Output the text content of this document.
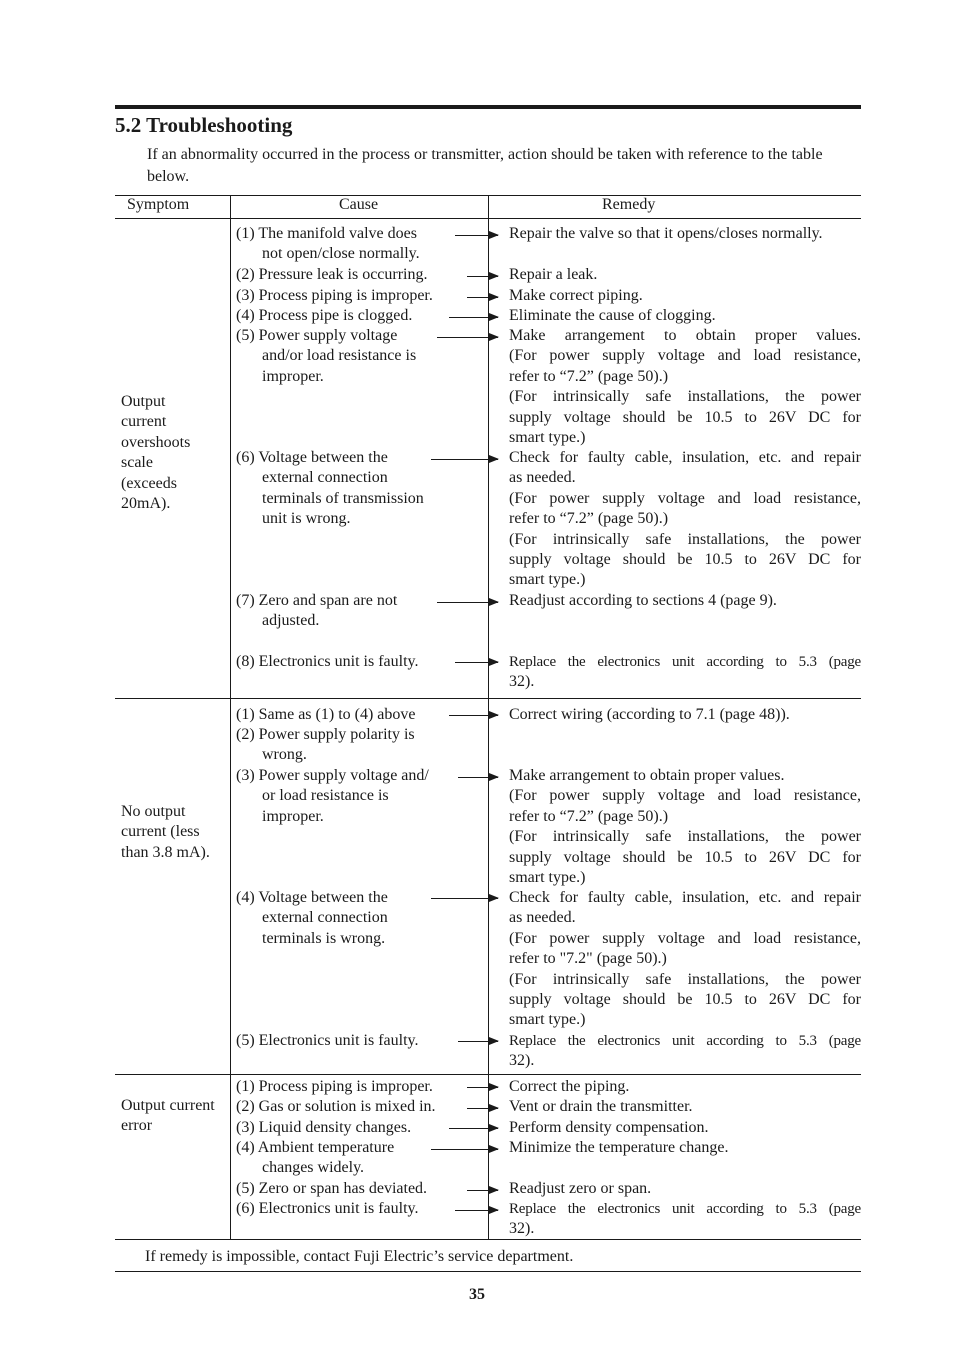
5.2 Troubleshooting

If an abnormality occurred in the process or transmitter, action should be taken with reference to the table below.

Symptom	Cause	Remedy
Output
current
overshoots
scale
(exceeds
20mA).
(1) The manifold valve does
not open/close normally.
(2) Pressure leak is occurring.
(3) Process piping is improper.
(4) Process pipe is clogged.
(5) Power supply voltage
and/or load resistance is
improper.
(6) Voltage between the
external connection
terminals of transmission
unit is wrong.
(7) Zero and span are not
adjusted.
(8) Electronics unit is faulty.
Repair the valve so that it opens/closes normally.
Repair a leak.
Make correct piping.
Eliminate the cause of clogging.
Make arrangement to obtain proper values.
(For power supply voltage and load resistance,
refer to “7.2” (page 50).)
(For intrinsically safe installations, the power
supply voltage should be 10.5 to 26V DC for
smart type.)
Check for faulty cable, insulation, etc. and repair
as needed.
(For power supply voltage and load resistance,
refer to “7.2” (page 50).)
(For intrinsically safe installations, the power
supply voltage should be 10.5 to 26V DC for
smart type.)
Readjust according to sections 4 (page 9).
Replace the electronics unit according to 5.3 (page
32).
No output
current (less
than 3.8 mA).
(1) Same as (1) to (4) above
(2) Power supply polarity is
wrong.
(3) Power supply voltage and/
or load resistance is
improper.
(4) Voltage between the
external connection
terminals is wrong.
(5) Electronics unit is faulty.
Correct wiring (according to 7.1 (page 48)).
Make arrangement to obtain proper values.
(For power supply voltage and load resistance,
refer to “7.2” (page 50).)
(For intrinsically safe installations, the power
supply voltage should be 10.5 to 26V DC for
smart type.)
Check for faulty cable, insulation, etc. and repair
as needed.
(For power supply voltage and load resistance,
refer to "7.2" (page 50).)
(For intrinsically safe installations, the power
supply voltage should be 10.5 to 26V DC for
smart type.)
Replace the electronics unit according to 5.3 (page
32).
Output current
error
(1) Process piping is improper.
(2) Gas or solution is mixed in.
(3) Liquid density changes.
(4) Ambient temperature
changes widely.
(5) Zero or span has deviated.
(6) Electronics unit is faulty.
Correct the piping.
Vent or drain the transmitter.
Perform density compensation.
Minimize the temperature change.
Readjust zero or span.
Replace the electronics unit according to 5.3 (page
32).
If remedy is impossible, contact Fuji Electric’s service department.
35
